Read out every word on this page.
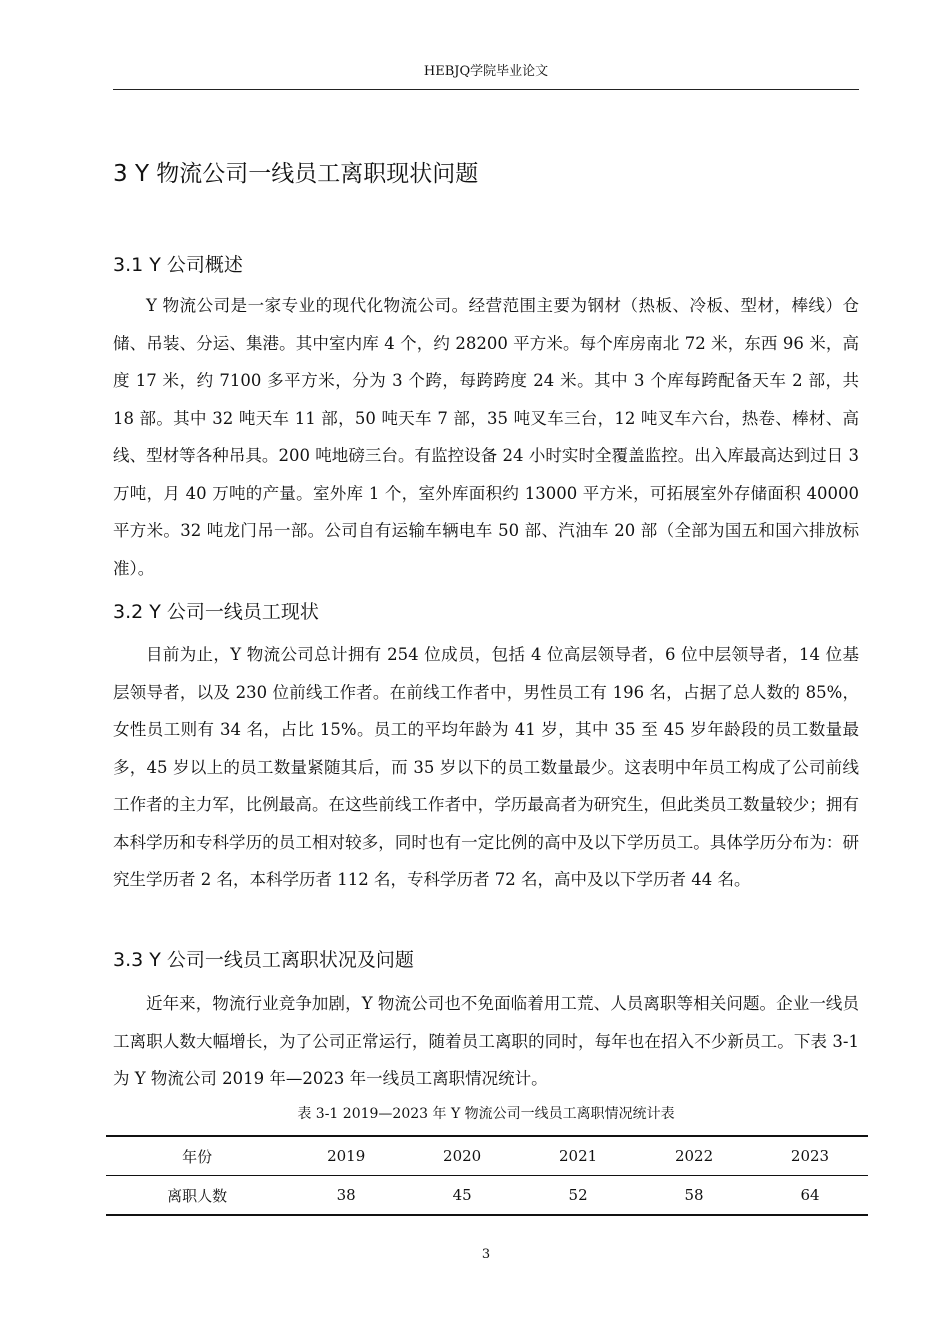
HEBJQ学院毕业论文
3 Y 物流公司一线员工离职现状问题
3.1 Y 公司概述

Y 物流公司是一家专业的现代化物流公司。经营范围主要为钢材（热板、冷板、型材，棒线）仓储、吊装、分运、集港。其中室内库 4 个，约 28200 平方米。每个库房南北 72 米，东西 96 米，高度 17 米，约 7100 多平方米，分为 3 个跨，每跨跨度 24 米。其中 3 个库每跨配备天车 2 部，共 18 部。其中 32 吨天车 11 部，50 吨天车 7 部，35 吨叉车三台，12 吨叉车六台，热卷、棒材、高线、型材等各种吊具。200 吨地磅三台。有监控设备 24 小时实时全覆盖监控。出入库最高达到过日 3 万吨，月 40 万吨的产量。室外库 1 个，室外库面积约 13000 平方米，可拓展室外存储面积 40000 平方米。32 吨龙门吊一部。公司自有运输车辆电车 50 部、汽油车 20 部（全部为国五和国六排放标准）。

3.2 Y 公司一线员工现状

目前为止，Y 物流公司总计拥有 254 位成员，包括 4 位高层领导者，6 位中层领导者，14 位基层领导者，以及 230 位前线工作者。在前线工作者中，男性员工有 196 名，占据了总人数的 85%，女性员工则有 34 名，占比 15%。员工的平均年龄为 41 岁，其中 35 至 45 岁年龄段的员工数量最多，45 岁以上的员工数量紧随其后，而 35 岁以下的员工数量最少。这表明中年员工构成了公司前线工作者的主力军，比例最高。在这些前线工作者中，学历最高者为研究生，但此类员工数量较少；拥有本科学历和专科学历的员工相对较多，同时也有一定比例的高中及以下学历员工。具体学历分布为：研究生学历者 2 名，本科学历者 112 名，专科学历者 72 名，高中及以下学历者 44 名。

3.3 Y 公司一线员工离职状况及问题

近年来，物流行业竞争加剧，Y 物流公司也不免面临着用工荒、人员离职等相关问题。企业一线员工离职人数大幅增长，为了公司正常运行，随着员工离职的同时，每年也在招入不少新员工。下表 3-1 为 Y 物流公司 2019 年—2023 年一线员工离职情况统计。

表 3-1 2019—2023 年 Y 物流公司一线员工离职情况统计表

年份	2019	2020	2021	2022	2023
离职人数	38	45	52	58	64
3
